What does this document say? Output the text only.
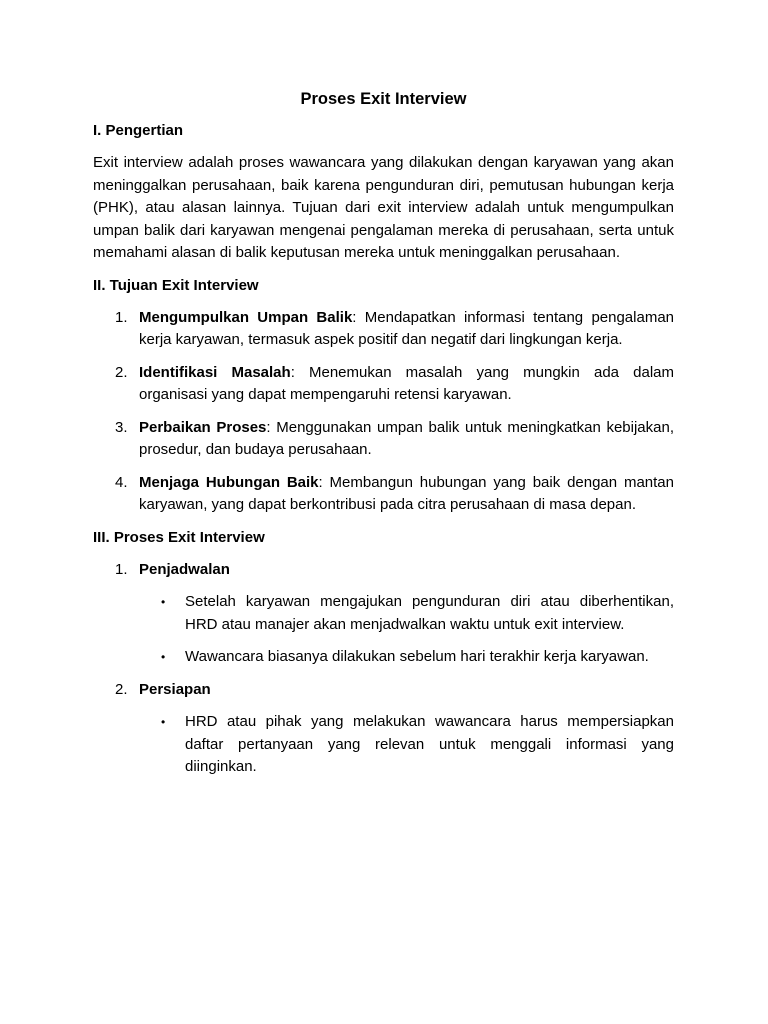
Proses Exit Interview
I. Pengertian

Exit interview adalah proses wawancara yang dilakukan dengan karyawan yang akan meninggalkan perusahaan, baik karena pengunduran diri, pemutusan hubungan kerja (PHK), atau alasan lainnya. Tujuan dari exit interview adalah untuk mengumpulkan umpan balik dari karyawan mengenai pengalaman mereka di perusahaan, serta untuk memahami alasan di balik keputusan mereka untuk meninggalkan perusahaan.

II. Tujuan Exit Interview
1. Mengumpulkan Umpan Balik: Mendapatkan informasi tentang pengalaman kerja karyawan, termasuk aspek positif dan negatif dari lingkungan kerja.
2. Identifikasi Masalah: Menemukan masalah yang mungkin ada dalam organisasi yang dapat mempengaruhi retensi karyawan.
3. Perbaikan Proses: Menggunakan umpan balik untuk meningkatkan kebijakan, prosedur, dan budaya perusahaan.
4. Menjaga Hubungan Baik: Membangun hubungan yang baik dengan mantan karyawan, yang dapat berkontribusi pada citra perusahaan di masa depan.
III. Proses Exit Interview
1. Penjadwalan
• Setelah karyawan mengajukan pengunduran diri atau diberhentikan, HRD atau manajer akan menjadwalkan waktu untuk exit interview.
• Wawancara biasanya dilakukan sebelum hari terakhir kerja karyawan.
2. Persiapan
• HRD atau pihak yang melakukan wawancara harus mempersiapkan daftar pertanyaan yang relevan untuk menggali informasi yang diinginkan.
